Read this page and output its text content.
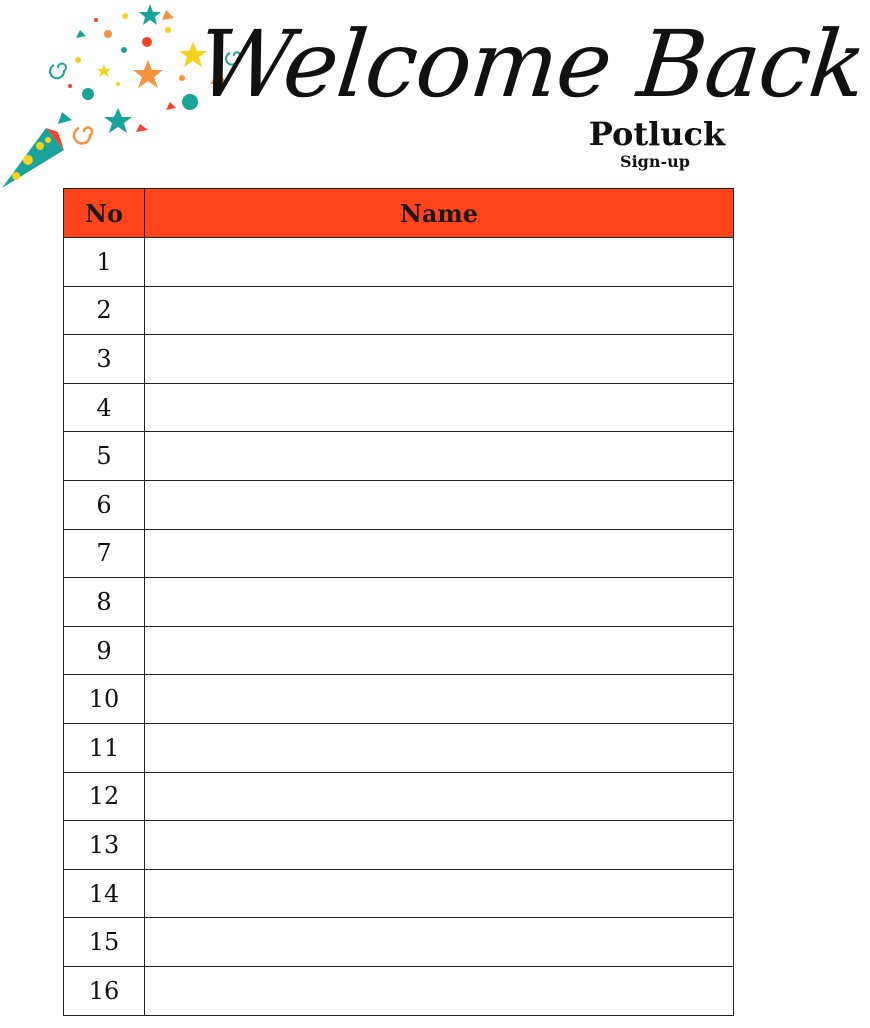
Welcome Back
Potluck
Sign-up
No	Name
1	
2	
3	
4	
5	
6	
7	
8	
9	
10	
11	
12	
13	
14	
15	
16	
